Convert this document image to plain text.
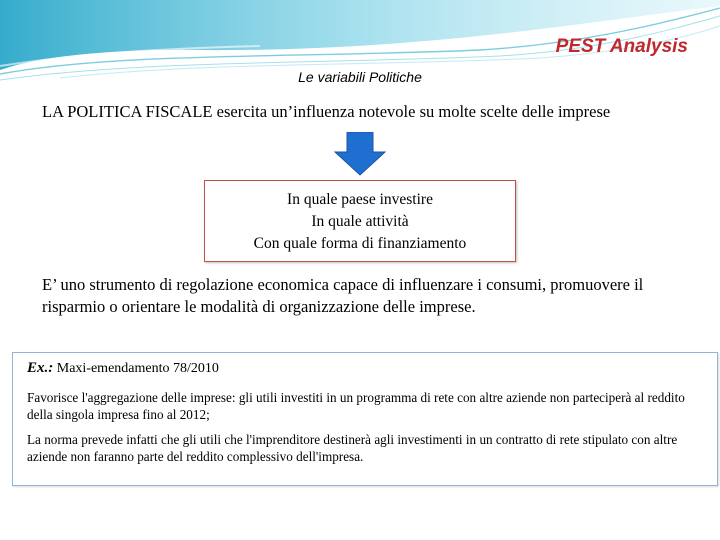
PEST Analysis
Le variabili Politiche
LA POLITICA FISCALE esercita un’influenza notevole su molte scelte delle imprese
In quale paese investire
In quale attività
Con quale forma di finanziamento
E’ uno strumento di regolazione economica capace di influenzare i consumi, promuovere il risparmio o orientare le modalità di organizzazione delle imprese.
Ex.: Maxi-emendamento 78/2010

Favorisce l'aggregazione delle imprese: gli utili investiti in un programma di rete con altre aziende non parteciperà al reddito della singola impresa fino al 2012;

La norma prevede infatti che gli utili che l'imprenditore destinerà agli investimenti in un contratto di rete stipulato con altre aziende non faranno parte del reddito complessivo dell'impresa.
